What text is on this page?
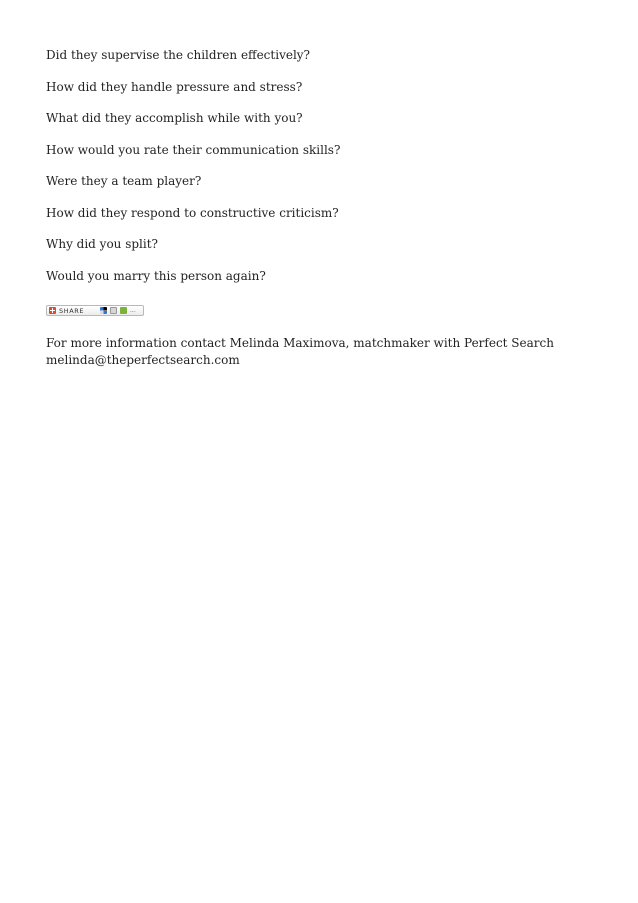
Did they supervise the children effectively?

How did they handle pressure and stress?

What did they accomplish while with you?

How would you rate their communication skills?

Were they a team player?

How did they respond to constructive criticism?

Why did you split?

Would you marry this person again?

SHARE	...
For more information contact Melinda Maximova, matchmaker with Perfect Search
melinda@theperfectsearch.com
